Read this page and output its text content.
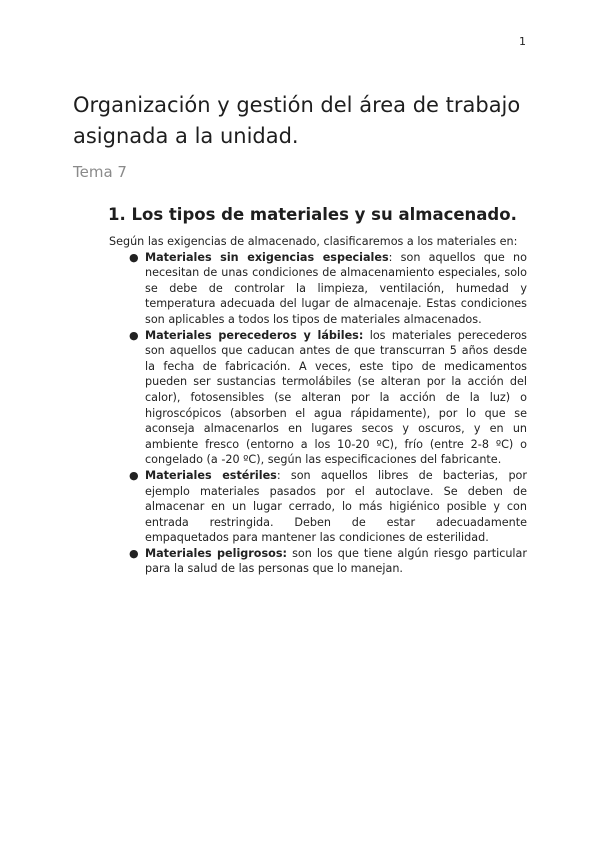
1
Organización y gestión del área de trabajo asignada a la unidad.

Tema 7

1. Los tipos de materiales y su almacenado.

Según las exigencias de almacenado, clasificaremos a los materiales en:

● Materiales sin exigencias especiales: son aquellos que no necesitan de unas condiciones de almacenamiento especiales, solo se debe de controlar la limpieza, ventilación, humedad y temperatura adecuada del lugar de almacenaje. Estas condiciones son aplicables a todos los tipos de materiales almacenados.
● Materiales perecederos y lábiles: los materiales perecederos son aquellos que caducan antes de que transcurran 5 años desde la fecha de fabricación. A veces, este tipo de medicamentos pueden ser sustancias termolábiles (se alteran por la acción del calor), fotosensibles (se alteran por la acción de la luz) o higroscópicos (absorben el agua rápidamente), por lo que se aconseja almacenarlos en lugares secos y oscuros, y en un ambiente fresco (entorno a los 10-20 ºC), frío (entre 2-8 ºC) o congelado (a -20 ºC), según las especificaciones del fabricante.
● Materiales estériles: son aquellos libres de bacterias, por ejemplo materiales pasados por el autoclave. Se deben de almacenar en un lugar cerrado, lo más higiénico posible y con entrada restringida. Deben de estar adecuadamente empaquetados para mantener las condiciones de esterilidad.
● Materiales peligrosos: son los que tiene algún riesgo particular para la salud de las personas que lo manejan.
